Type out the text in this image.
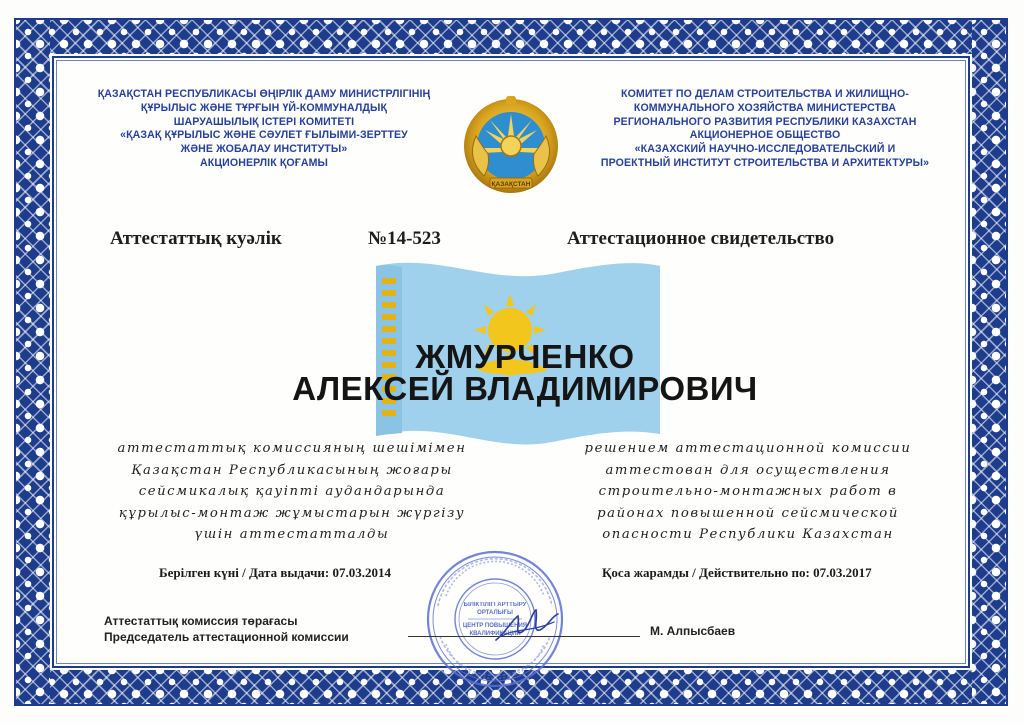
ҚАЗАҚСТАН РЕСПУБЛИКАСЫ ӨҢІРЛІК ДАМУ МИНИСТРЛІГІНІҢ
ҚҰРЫЛЫС ЖӘНЕ ТҰРҒЫН ҮЙ-КОММУНАЛДЫҚ
ШАРУАШЫЛЫҚ ІСТЕРІ КОМИТЕТІ
«ҚАЗАҚ ҚҰРЫЛЫС ЖӘНЕ СӘУЛЕТ ҒЫЛЫМИ-ЗЕРТТЕУ
ЖӘНЕ ЖОБАЛАУ ИНСТИТУТЫ»
АКЦИОНЕРЛІК ҚОҒАМЫ
ҚАЗАҚСТАН
КОМИТЕТ ПО ДЕЛАМ СТРОИТЕЛЬСТВА И ЖИЛИЩНО-
КОММУНАЛЬНОГО ХОЗЯЙСТВА МИНИСТЕРСТВА
РЕГИОНАЛЬНОГО РАЗВИТИЯ РЕСПУБЛИКИ КАЗАХСТАН
АКЦИОНЕРНОЕ ОБЩЕСТВО
«КАЗАХСКИЙ НАУЧНО-ИССЛЕДОВАТЕЛЬСКИЙ И
ПРОЕКТНЫЙ ИНСТИТУТ СТРОИТЕЛЬСТВА И АРХИТЕКТУРЫ»
Аттестаттық куәлік	№14-523	Аттестационное свидетельство
ЖМУРЧЕНКО
АЛЕКСЕЙ ВЛАДИМИРОВИЧ
аттестаттық комиссияның шешімімен
Қазақстан Республикасының жоғары
сейсмикалық қауіпті аудандарында
құрылыс-монтаж жұмыстарын жүргізу
үшін аттестатталды
решением аттестационной комиссии
аттестован для осуществления
строительно-монтажных работ в
районах повышенной сейсмической
опасности Республики Казахстан
БІЛІКТІЛІГІ АРТТЫРУ
ОРТАЛЫҒЫ
ЦЕНТР ПОВЫШЕНИЯ
КВАЛИФИКАЦИИ
Берілген күні / Дата выдачи: 07.03.2014	Қоса жарамды / Действительно по: 07.03.2017
Аттестаттық комиссия төрағасы
Председатель аттестационной комиссии	М. Алпысбаев
